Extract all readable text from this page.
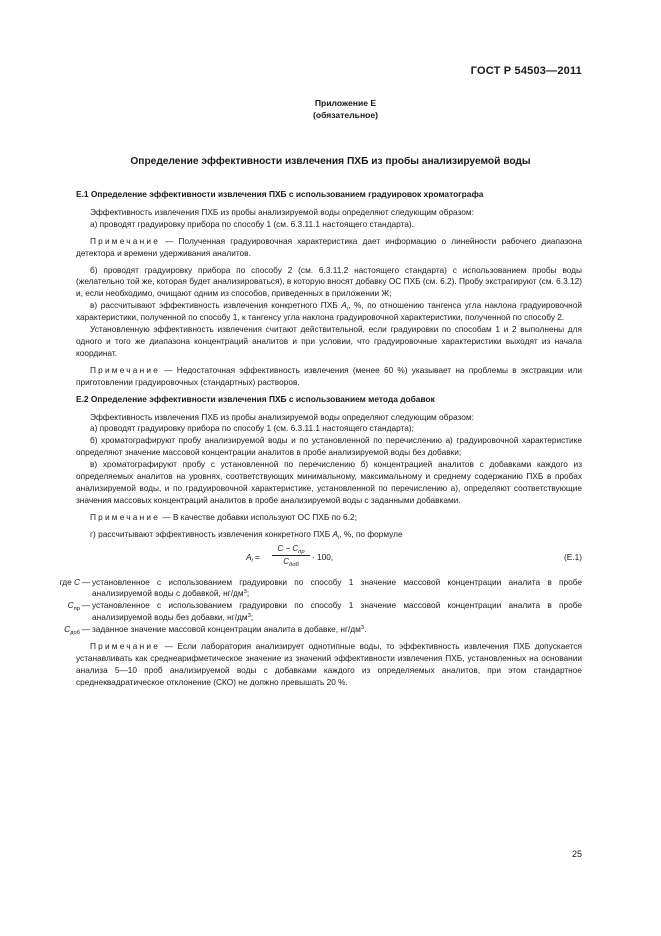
ГОСТ Р 54503—2011
Приложение Е
(обязательное)
Определение эффективности извлечения ПХБ из пробы анализируемой воды

Е.1 Определение эффективности извлечения ПХБ с использованием градуировок хроматографа

Эффективность извлечения ПХБ из пробы анализируемой воды определяют следующим образом:

а) проводят градуировку прибора по способу 1 (см. 6.3.11.1 настоящего стандарта).

Примечание — Полученная градуировочная характеристика дает информацию о линейности рабочего диапазона детектора и времени удерживания аналитов.

б) проводят градуировку прибора по способу 2 (см. 6.3.11.2 настоящего стандарта) с использованием пробы воды (желательно той же, которая будет анализироваться), в которую вносят добавку ОС ПХБ (см. 6.2). Пробу экстрагируют (см. 6.3.12) и, если необходимо, очищают одним из способов, приведенных в приложении Ж;

в) рассчитывают эффективность извлечения конкретного ПХБ $A_i$, %, по отношению тангенса угла наклона градуировочной характеристики, полученной по способу 1, к тангенсу угла наклона градуировочной характеристики, полученной по способу 2.

Установленную эффективность извлечения считают действительной, если градуировки по способам 1 и 2 выполнены для одного и того же диапазона концентраций аналитов и при условии, что градуировочные характеристики выходят из начала координат.

Примечание — Недостаточная эффективность извлечения (менее 60 %) указывает на проблемы в экстракции или приготовлении градуировочных (стандартных) растворов.

Е.2 Определение эффективности извлечения ПХБ с использованием метода добавок

Эффективность извлечения ПХБ из пробы анализируемой воды определяют следующим образом:

а) проводят градуировку прибора по способу 1 (см. 6.3.11.1 настоящего стандарта);

б) хроматографируют пробу анализируемой воды и по установленной по перечислению а) градуировочной характеристике определяют значение массовой концентрации аналитов в пробе анализируемой воды без добавки;

в) хроматографируют пробу с установленной по перечислению б) концентрацией аналитов с добавками каждого из определяемых аналитов на уровнях, соответствующих минимальному, максимальному и среднему содержанию ПХБ в пробах анализируемой воды, и по градуировочной характеристике, установленной по перечислению а), определяют соответствующие значения массовых концентраций аналитов в пробе анализируемой воды с заданными добавками.

Примечание — В качестве добавки используют ОС ПХБ по 6.2;

г) рассчитывают эффективность извлечения конкретного ПХБ $A_i$, %, по формуле

$A_i$ =
$C - C_{пр}$
$C_{доб}$
· 100,	(Е.1)
где C — установленное с использованием градуировки по способу 1 значение массовой концентрации аналита в пробе анализируемой воды с добавкой, $нг/дм^3$;
$C_{пр}$ — установленное с использованием градуировки по способу 1 значение массовой концентрации аналита в пробе анализируемой воды без добавки, $нг/дм^3$;
$C_{доб}$ — заданное значение массовой концентрации аналита в добавке, $нг/дм^3$.

Примечание — Если лаборатория анализирует однотипные воды, то эффективность извлечения ПХБ допускается устанавливать как среднеарифметическое значение из значений эффективности извлечения ПХБ, установленных на основании анализа 5—10 проб анализируемой воды с добавками каждого из определяемых аналитов, при этом стандартное среднеквадратическое отклонение (СКО) не должно превышать 20 %.

25
